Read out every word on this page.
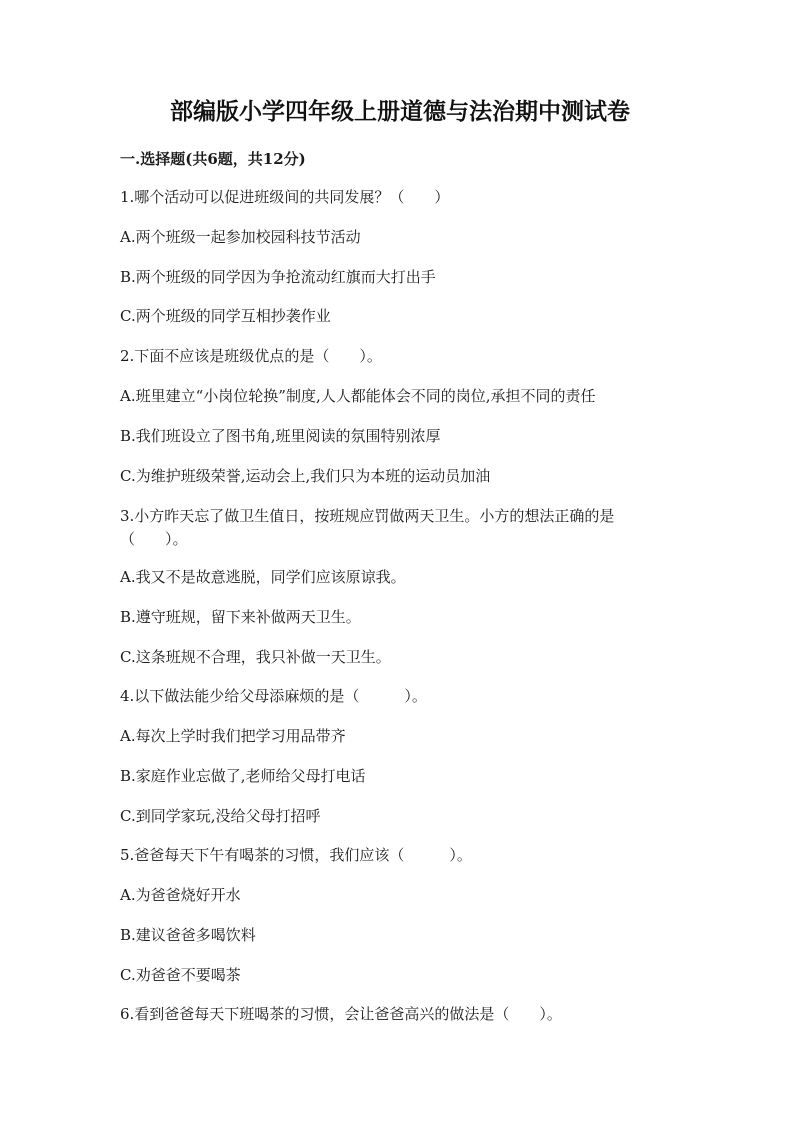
部编版小学四年级上册道德与法治期中测试卷
一.选择题(共6题，共12分)
1.哪个活动可以促进班级间的共同发展？（　　）
A.两个班级一起参加校园科技节活动
B.两个班级的同学因为争抢流动红旗而大打出手
C.两个班级的同学互相抄袭作业
2.下面不应该是班级优点的是（　　）。
A.班里建立“小岗位轮换”制度,人人都能体会不同的岗位,承担不同的责任
B.我们班设立了图书角,班里阅读的氛围特别浓厚
C.为维护班级荣誉,运动会上,我们只为本班的运动员加油
3.小方昨天忘了做卫生值日，按班规应罚做两天卫生。小方的想法正确的是（　　）。
A.我又不是故意逃脱，同学们应该原谅我。
B.遵守班规，留下来补做两天卫生。
C.这条班规不合理，我只补做一天卫生。
4.以下做法能少给父母添麻烦的是（　　　）。
A.每次上学时我们把学习用品带齐
B.家庭作业忘做了,老师给父母打电话
C.到同学家玩,没给父母打招呼
5.爸爸每天下午有喝茶的习惯，我们应该（　　　）。
A.为爸爸烧好开水
B.建议爸爸多喝饮料
C.劝爸爸不要喝茶
6.看到爸爸每天下班喝茶的习惯，会让爸爸高兴的做法是（　　）。
